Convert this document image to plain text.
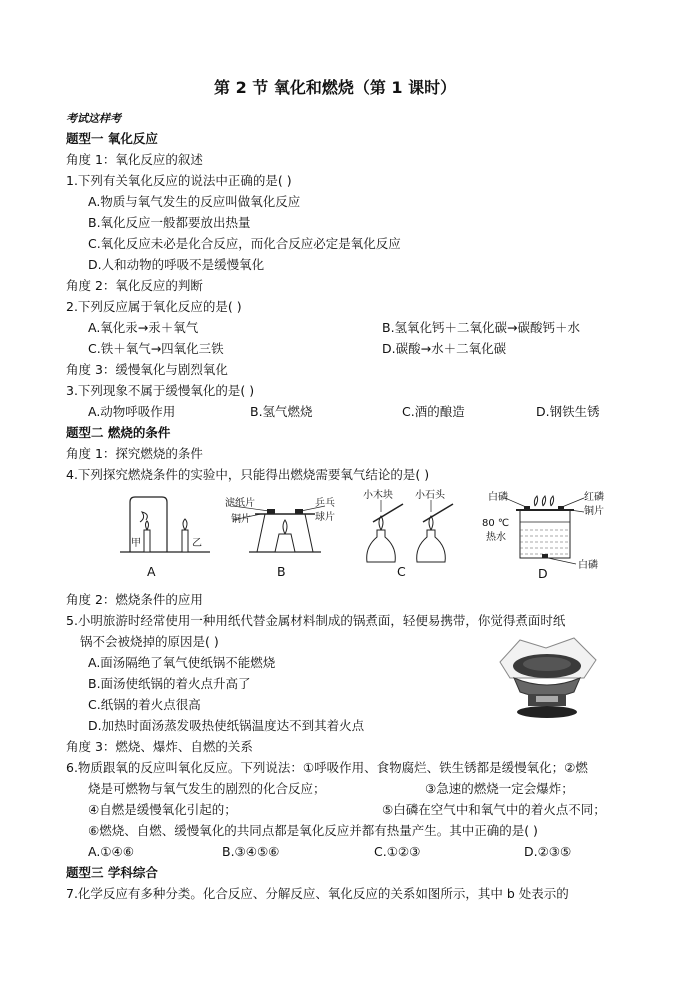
第 2 节 氧化和燃烧（第 1 课时）
考试这样考
题型一 氧化反应
角度 1：氧化反应的叙述
1.下列有关氧化反应的说法中正确的是( )
A.物质与氧气发生的反应叫做氧化反应
B.氧化反应一般都要放出热量
C.氧化反应未必是化合反应，而化合反应必定是氧化反应
D.人和动物的呼吸不是缓慢氧化
角度 2：氧化反应的判断
2.下列反应属于氧化反应的是( )
A.氧化汞→汞＋氧气	B.氢氧化钙＋二氧化碳→碳酸钙＋水
C.铁＋氧气→四氧化三铁	D.碳酸→水＋二氧化碳
角度 3：缓慢氧化与剧烈氧化
3.下列现象不属于缓慢氧化的是( )
A.动物呼吸作用	B.氢气燃烧	C.酒的酿造	D.钢铁生锈
题型二 燃烧的条件
角度 1：探究燃烧的条件
4.下列探究燃烧条件的实验中，只能得出燃烧需要氧气结论的是( )
甲	乙
A
滤纸片
铜片
乒乓
球片
B
小木块 小石头
C
白磷
80 ℃
热水
红磷
铜片
白磷
D
角度 2：燃烧条件的应用
5.小明旅游时经常使用一种用纸代替金属材料制成的锅煮面，轻便易携带，你觉得煮面时纸
锅不会被烧掉的原因是( )
A.面汤隔绝了氧气使纸锅不能燃烧
B.面汤使纸锅的着火点升高了
C.纸锅的着火点很高
D.加热时面汤蒸发吸热使纸锅温度达不到其着火点
角度 3：燃烧、爆炸、自燃的关系
6.物质跟氧的反应叫氧化反应。下列说法：①呼吸作用、食物腐烂、铁生锈都是缓慢氧化；②燃
烧是可燃物与氧气发生的剧烈的化合反应；	③急速的燃烧一定会爆炸；
④自燃是缓慢氧化引起的；	⑤白磷在空气中和氧气中的着火点不同；
⑥燃烧、自燃、缓慢氧化的共同点都是氧化反应并都有热量产生。其中正确的是( )
A.①④⑥	B.③④⑤⑥	C.①②③	D.②③⑤
题型三 学科综合
7.化学反应有多种分类。化合反应、分解反应、氧化反应的关系如图所示，其中 b 处表示的
